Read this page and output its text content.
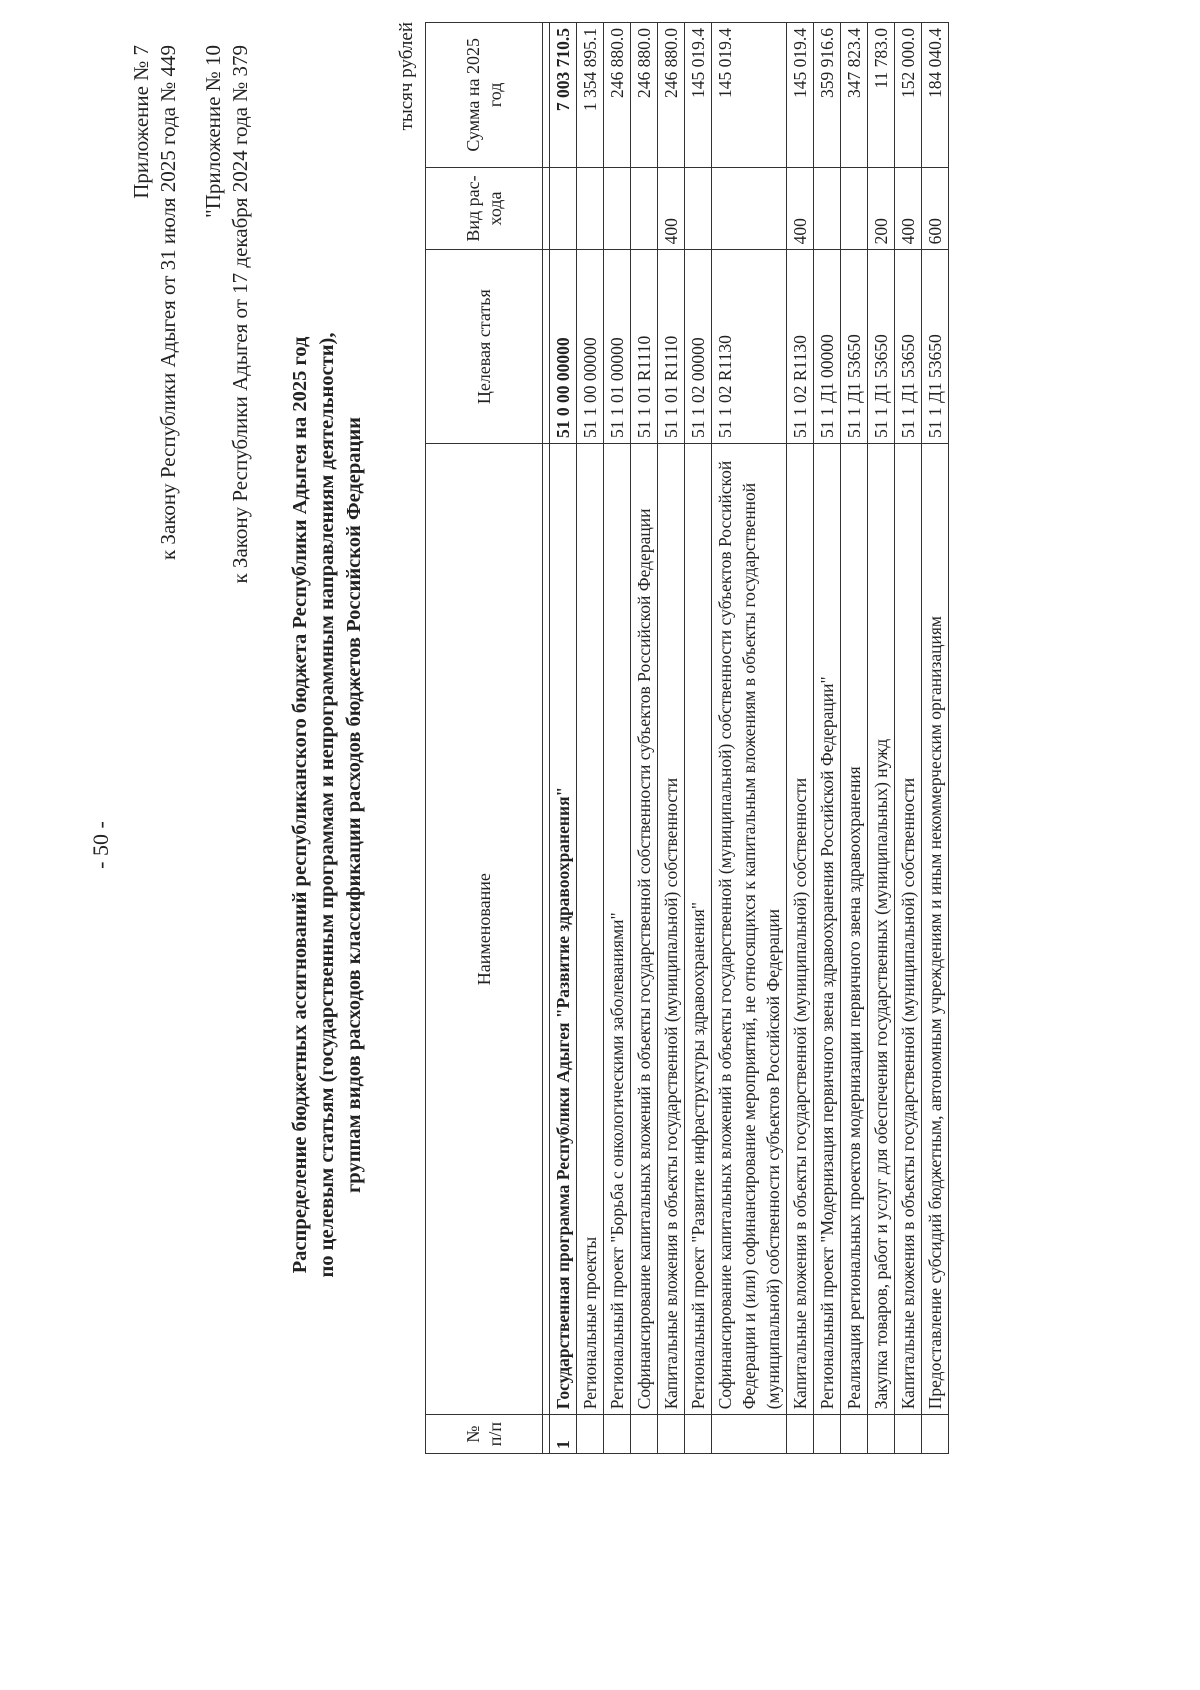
- 50 -
Приложение № 7 к Закону Республики Адыгея от 31 июля 2025 года № 449 "Приложение № 10 к Закону Республики Адыгея от 17 декабря 2024 года № 379
Распределение бюджетных ассигнований республиканского бюджета Республики Адыгея на 2025 год по целевым статьям (государственным программам и непрограммным направлениям деятельности), группам видов расходов классификации расходов бюджетов Российской Федерации
тысяч рублей
№ п/п	Наименование	Целевая статья	Вид рас-хода	Сумма на 2025 год

1	Государственная программа Республики Адыгея "Развитие здравоохранения"	51 0 00 00000		7 003 710.5
	Региональные проекты	51 1 00 00000		1 354 895.1
	Региональный проект "Борьба с онкологическими заболеваниями"	51 1 01 00000		246 880.0
	Софинансирование капитальных вложений в объекты государственной собственности субъектов Российской Федерации	51 1 01 R1110		246 880.0
	Капитальные вложения в объекты государственной (муниципальной) собственности	51 1 01 R1110	400	246 880.0
	Региональный проект "Развитие инфраструктуры здравоохранения"	51 1 02 00000		145 019.4
	Софинансирование капитальных вложений в объекты государственной (муниципальной) собственности субъектов Российской Федерации и (или) софинансирование мероприятий, не относящихся к капитальным вложениям в объекты государственной (муниципальной) собственности субъектов Российской Федерации	51 1 02 R1130		145 019.4
	Капитальные вложения в объекты государственной (муниципальной) собственности	51 1 02 R1130	400	145 019.4
	Региональный проект "Модернизация первичного звена здравоохранения Российской Федерации"	51 1 Д1 00000		359 916.6
	Реализация региональных проектов модернизации первичного звена здравоохранения	51 1 Д1 53650		347 823.4
	Закупка товаров, работ и услуг для обеспечения государственных (муниципальных) нужд	51 1 Д1 53650	200	11 783.0
	Капитальные вложения в объекты государственной (муниципальной) собственности	51 1 Д1 53650	400	152 000.0
	Предоставление субсидий бюджетным, автономным учреждениям и иным некоммерческим организациям	51 1 Д1 53650	600	184 040.4
